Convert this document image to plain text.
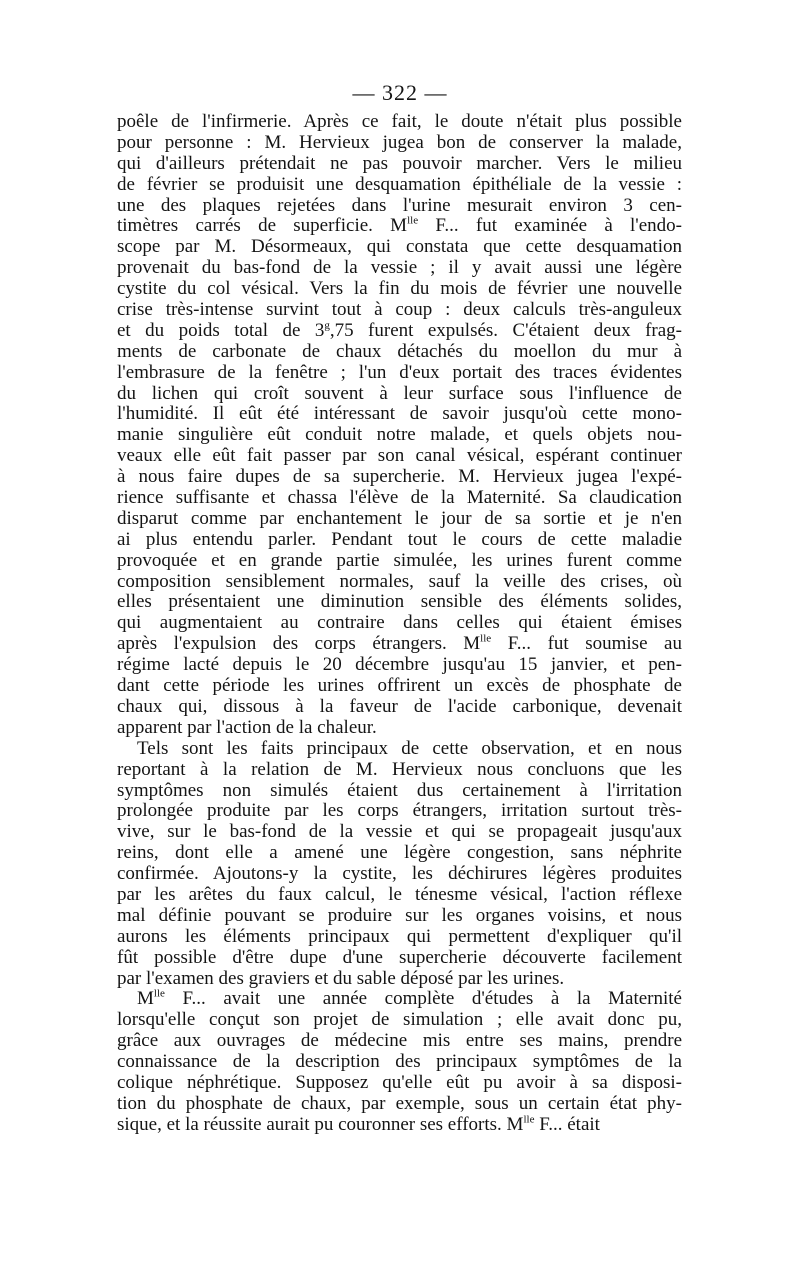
— 322 —
poêle de l'infirmerie. Après ce fait, le doute n'était plus possible
pour personne : M. Hervieux jugea bon de conserver la malade,
qui d'ailleurs prétendait ne pas pouvoir marcher. Vers le milieu
de février se produisit une desquamation épithéliale de la vessie :
une des plaques rejetées dans l'urine mesurait environ 3 cen-
timètres carrés de superficie. $M^{lle}$ F... fut examinée à l'endo-
scope par M. Désormeaux, qui constata que cette desquamation
provenait du bas-fond de la vessie ; il y avait aussi une légère
cystite du col vésical. Vers la fin du mois de février une nouvelle
crise très-intense survint tout à coup : deux calculs très-anguleux
et du poids total de 3$^g$,75 furent expulsés. C'étaient deux frag-
ments de carbonate de chaux détachés du moellon du mur à
l'embrasure de la fenêtre ; l'un d'eux portait des traces évidentes
du lichen qui croît souvent à leur surface sous l'influence de
l'humidité. Il eût été intéressant de savoir jusqu'où cette mono-
manie singulière eût conduit notre malade, et quels objets nou-
veaux elle eût fait passer par son canal vésical, espérant continuer
à nous faire dupes de sa supercherie. M. Hervieux jugea l'expé-
rience suffisante et chassa l'élève de la Maternité. Sa claudication
disparut comme par enchantement le jour de sa sortie et je n'en
ai plus entendu parler. Pendant tout le cours de cette maladie
provoquée et en grande partie simulée, les urines furent comme
composition sensiblement normales, sauf la veille des crises, où
elles présentaient une diminution sensible des éléments solides,
qui augmentaient au contraire dans celles qui étaient émises
après l'expulsion des corps étrangers. $M^{lle}$ F... fut soumise au
régime lacté depuis le 20 décembre jusqu'au 15 janvier, et pen-
dant cette période les urines offrirent un excès de phosphate de
chaux qui, dissous à la faveur de l'acide carbonique, devenait
apparent par l'action de la chaleur.
Tels sont les faits principaux de cette observation, et en nous
reportant à la relation de M. Hervieux nous concluons que les
symptômes non simulés étaient dus certainement à l'irritation
prolongée produite par les corps étrangers, irritation surtout très-
vive, sur le bas-fond de la vessie et qui se propageait jusqu'aux
reins, dont elle a amené une légère congestion, sans néphrite
confirmée. Ajoutons-y la cystite, les déchirures légères produites
par les arêtes du faux calcul, le ténesme vésical, l'action réflexe
mal définie pouvant se produire sur les organes voisins, et nous
aurons les éléments principaux qui permettent d'expliquer qu'il
fût possible d'être dupe d'une supercherie découverte facilement
par l'examen des graviers et du sable déposé par les urines.
$M^{lle}$ F... avait une année complète d'études à la Maternité
lorsqu'elle conçut son projet de simulation ; elle avait donc pu,
grâce aux ouvrages de médecine mis entre ses mains, prendre
connaissance de la description des principaux symptômes de la
colique néphrétique. Supposez qu'elle eût pu avoir à sa disposi-
tion du phosphate de chaux, par exemple, sous un certain état phy-
sique, et la réussite aurait pu couronner ses efforts. $M^{lle}$ F... était
